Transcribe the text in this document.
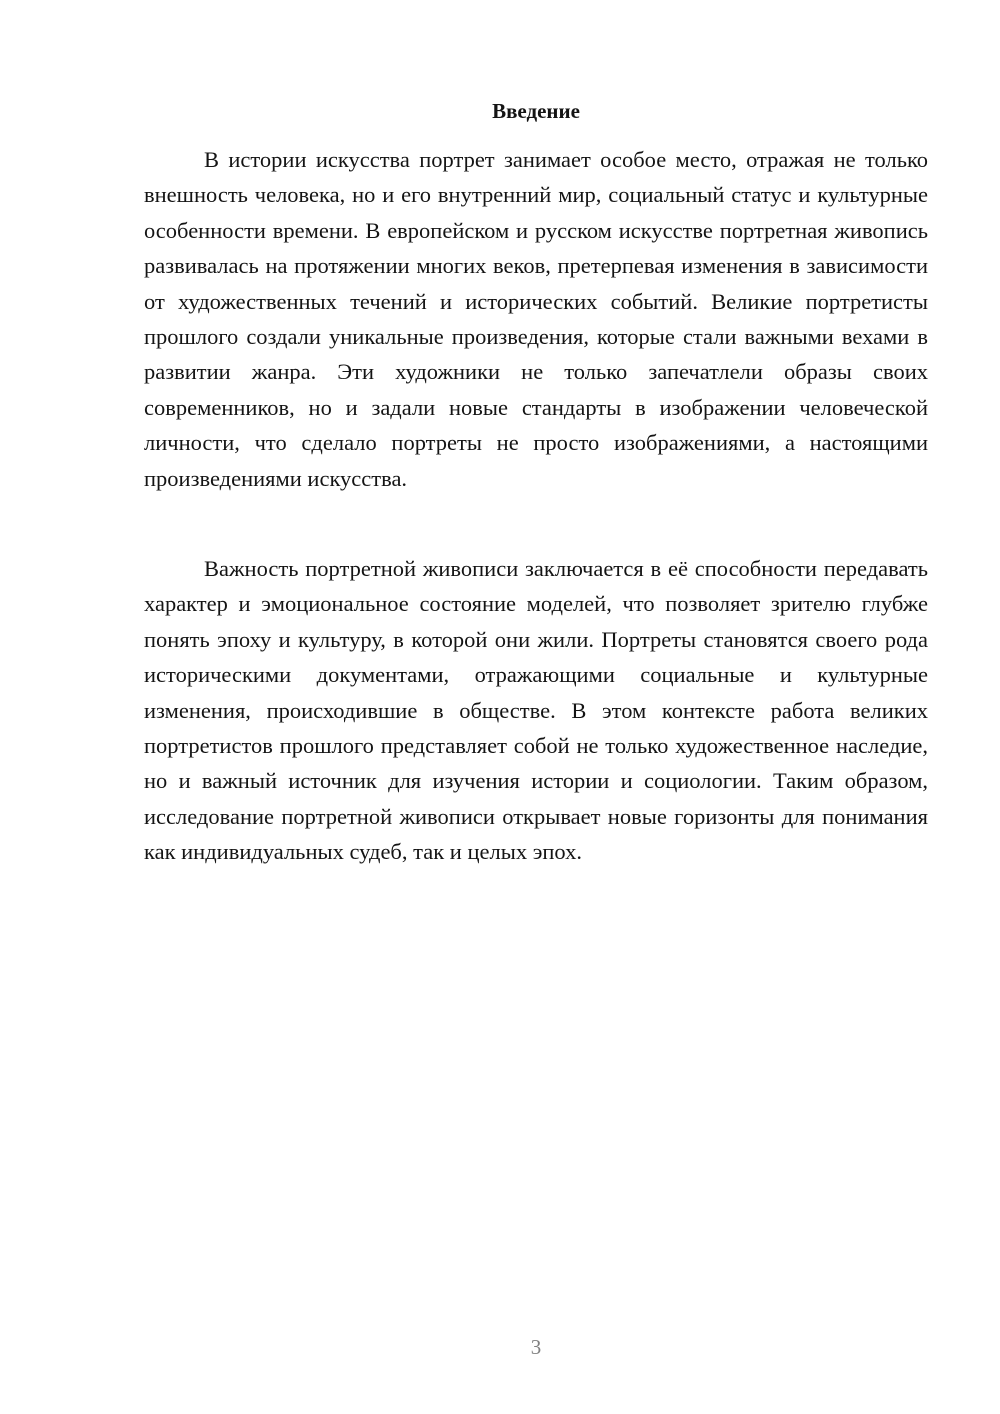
Введение

В истории искусства портрет занимает особое место, отражая не только внешность человека, но и его внутренний мир, социальный статус и культурные особенности времени. В европейском и русском искусстве портретная живопись развивалась на протяжении многих веков, претерпевая изменения в зависимости от художественных течений и исторических событий. Великие портретисты прошлого создали уникальные произведения, которые стали важными вехами в развитии жанра. Эти художники не только запечатлели образы своих современников, но и задали новые стандарты в изображении человеческой личности, что сделало портреты не просто изображениями, а настоящими произведениями искусства.

Важность портретной живописи заключается в её способности передавать характер и эмоциональное состояние моделей, что позволяет зрителю глубже понять эпоху и культуру, в которой они жили. Портреты становятся своего рода историческими документами, отражающими социальные и культурные изменения, происходившие в обществе. В этом контексте работа великих портретистов прошлого представляет собой не только художественное наследие, но и важный источник для изучения истории и социологии. Таким образом, исследование портретной живописи открывает новые горизонты для понимания как индивидуальных судеб, так и целых эпох.

3
